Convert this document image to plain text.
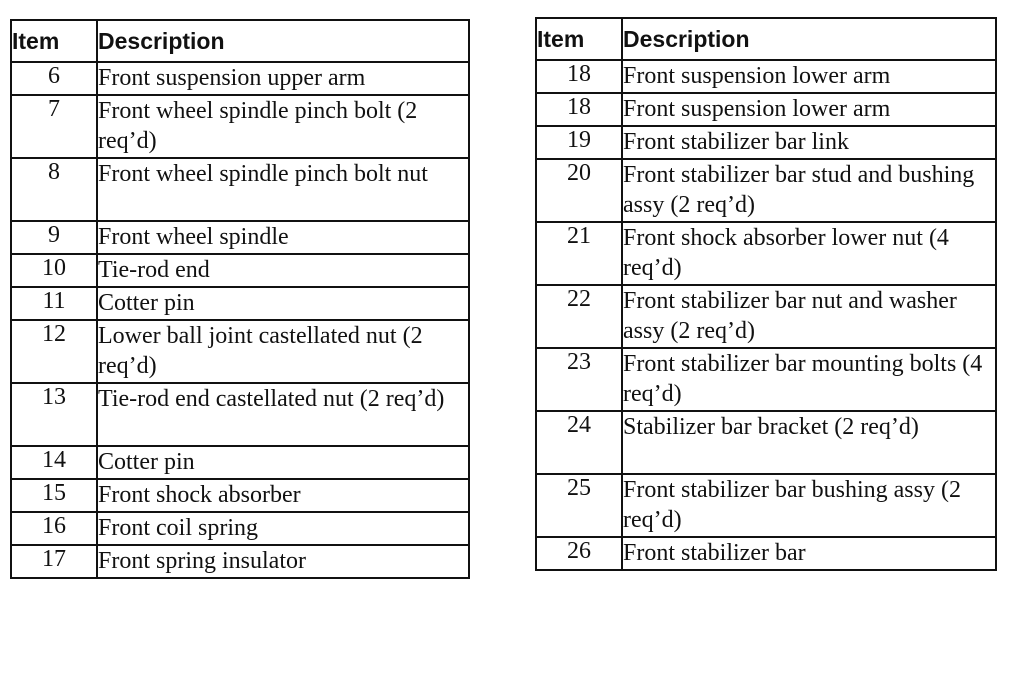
Item	Description
6	Front suspension upper arm
7	Front wheel spindle pinch bolt (2 req’d)
8	Front wheel spindle pinch bolt nut
9	Front wheel spindle
10	Tie-rod end
11	Cotter pin
12	Lower ball joint castellated nut (2 req’d)
13	Tie-rod end castellated nut (2 req’d)
14	Cotter pin
15	Front shock absorber
16	Front coil spring
17	Front spring insulator
Item	Description
18	Front suspension lower arm
18	Front suspension lower arm
19	Front stabilizer bar link
20	Front stabilizer bar stud and bushing assy (2 req’d)
21	Front shock absorber lower nut (4 req’d)
22	Front stabilizer bar nut and washer assy (2 req’d)
23	Front stabilizer bar mounting bolts (4 req’d)
24	Stabilizer bar bracket (2 req’d)
25	Front stabilizer bar bushing assy (2 req’d)
26	Front stabilizer bar
